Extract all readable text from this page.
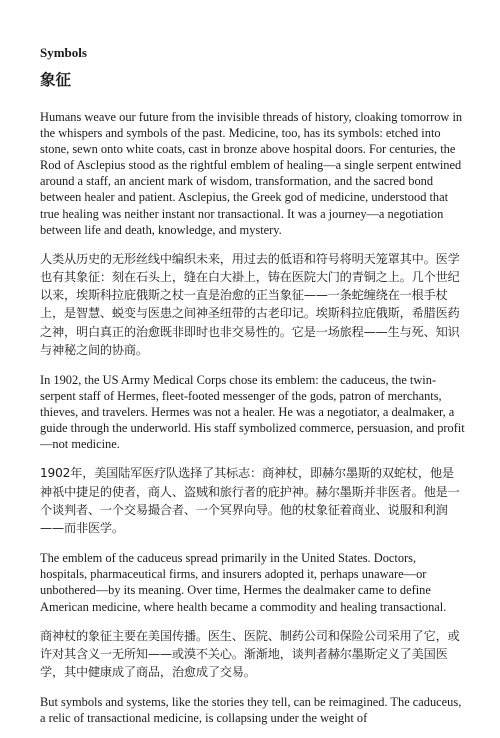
Symbols
象征

Humans weave our future from the invisible threads of history, cloaking tomorrow in the whispers and symbols of the past. Medicine, too, has its symbols: etched into stone, sewn onto white coats, cast in bronze above hospital doors. For centuries, the Rod of Asclepius stood as the rightful emblem of healing—a single serpent entwined around a staff, an ancient mark of wisdom, transformation, and the sacred bond between healer and patient. Asclepius, the Greek god of medicine, understood that true healing was neither instant nor transactional. It was a journey—a negotiation between life and death, knowledge, and mystery.

人类从历史的无形丝线中编织未来，用过去的低语和符号将明天笼罩其中。医学也有其象征：刻在石头上，缝在白大褂上，铸在医院大门的青铜之上。几个世纪以来，埃斯科拉庇俄斯之杖一直是治愈的正当象征——一条蛇缠绕在一根手杖上，是智慧、蜕变与医患之间神圣纽带的古老印记。埃斯科拉庇俄斯，希腊医药之神，明白真正的治愈既非即时也非交易性的。它是一场旅程——生与死、知识与神秘之间的协商。

In 1902, the US Army Medical Corps chose its emblem: the caduceus, the twin-serpent staff of Hermes, fleet-footed messenger of the gods, patron of merchants, thieves, and travelers. Hermes was not a healer. He was a negotiator, a dealmaker, a guide through the underworld. His staff symbolized commerce, persuasion, and profit—not medicine.

1902年，美国陆军医疗队选择了其标志：商神杖，即赫尔墨斯的双蛇杖，他是神祇中捷足的使者，商人、盗贼和旅行者的庇护神。赫尔墨斯并非医者。他是一个谈判者、一个交易撮合者、一个冥界向导。他的杖象征着商业、说服和利润——而非医学。

The emblem of the caduceus spread primarily in the United States. Doctors, hospitals, pharmaceutical firms, and insurers adopted it, perhaps unaware—or unbothered—by its meaning. Over time, Hermes the dealmaker came to define American medicine, where health became a commodity and healing transactional.

商神杖的象征主要在美国传播。医生、医院、制药公司和保险公司采用了它，或许对其含义一无所知——或漠不关心。渐渐地，谈判者赫尔墨斯定义了美国医学，其中健康成了商品，治愈成了交易。

But symbols and systems, like the stories they tell, can be reimagined. The caduceus, a relic of transactional medicine, is collapsing under the weight of
